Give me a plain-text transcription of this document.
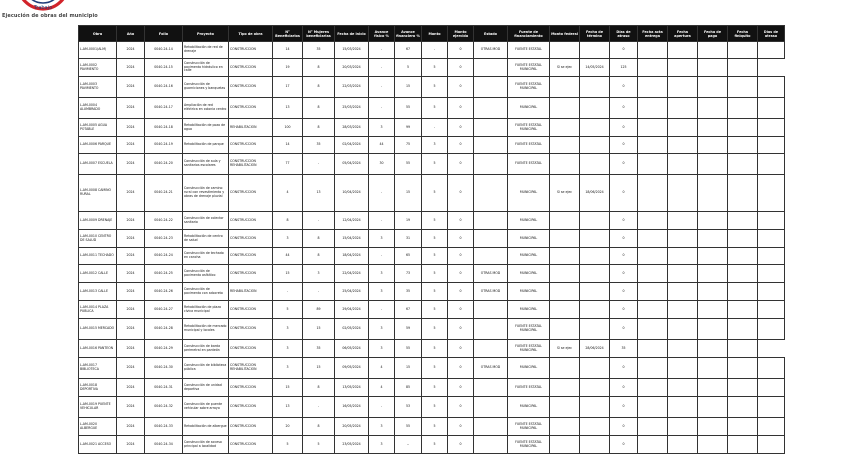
Trabajo
Ejecución de obras del municipio
Obra	Año	Folio	Proyecto	Tipo de obra	N° Beneficiarios	N° Mujeres beneficiarias	Fecha de inicio	Avance físico %	Avance financiero %	Monto	Monto ejercido	Estado	Fuente de financiamiento	Monto federal	Fecha de término	Días de atraso	Fecha acta entrega	Fecha apertura	Fecha de pago	Fecha finiquito	Días de atraso
L-AM-0001(ALM)	2024	0040-24-14	Rehabilitación de red de drenaje	CONSTRUCCION	14	35	15/03/2024	-	67	-	0	OTRAS MOD	FUENTE ESTATAL			0					
L-AM-0002 PAVIMENTO	2024	0040-24-15	Construcción de pavimento hidráulico en calle	CONSTRUCCION	19	8	20/03/2024	-	5	5	0		FUENTE ESTATAL MUNICIPAL	Sí se ejec	14/05/2024	125					
L-AM-0003 PAVIMENTO	2024	0040-24-16	Construcción de guarniciones y banquetas	CONSTRUCCION	17	8	22/03/2024	-	15	5	0		FUENTE ESTATAL MUNICIPAL			0					
L-AM-0004 ALUMBRADO	2024	0040-24-17	Ampliación de red eléctrica en colonia centro	CONSTRUCCION	13	8	25/03/2024	-	55	5	0		MUNICIPAL			0					
L-AM-0005 AGUA POTABLE	2024	0040-24-18	Rehabilitación de pozo de agua	REHABILITACION	100	8	28/03/2024	3	99	-	0		FUENTE ESTATAL MUNICIPAL			0					
L-AM-0006 PARQUE	2024	0040-24-19	Rehabilitación de parque	CONSTRUCCION	14	35	02/04/2024	44	75	3	0		FUENTE ESTATAL			0					
L-AM-0007 ESCUELA	2024	0040-24-20	Construcción de aula y sanitarios escolares	CONSTRUCCION REHABILITACION	77	-	05/04/2024	30	55	5	0		FUENTE ESTATAL			0					
L-AM-0008 CAMINO RURAL	2024	0040-24-21	Construcción de camino rural con revestimiento y obras de drenaje pluvial	CONSTRUCCION	4	13	10/04/2024	-	15	5	0		MUNICIPAL	Sí se ejec	18/06/2024	0					
L-AM-0009 DRENAJE	2024	0040-24-22	Construcción de colector sanitario	CONSTRUCCION	8	-	12/04/2024	-	19	5	0		MUNICIPAL			0					
L-AM-0010 CENTRO DE SALUD	2024	0040-24-23	Rehabilitación de centro de salud	CONSTRUCCION	3	8	15/04/2024	3	31	5	0		MUNICIPAL			0					
L-AM-0011 TECHADO	2024	0040-24-24	Construcción de techado en cancha	CONSTRUCCION	44	8	18/04/2024	-	65	5	0		MUNICIPAL			0					
L-AM-0012 CALLE	2024	0040-24-25	Construcción de pavimento asfáltico	CONSTRUCCION	15	3	22/04/2024	3	73	5	0	OTRAS MOD	MUNICIPAL			0					
L-AM-0013 CALLE	2024	0040-24-26	Construcción de pavimento con adocreto	REHABILITACION	-	-	25/04/2024	3	35	5	0	OTRAS MOD	MUNICIPAL			0					
L-AM-0014 PLAZA PUBLICA	2024	0040-24-27	Rehabilitación de plaza cívica municipal	CONSTRUCCION	5	89	29/04/2024	-	67	5	0		MUNICIPAL			0					
L-AM-0015 MERCADO	2024	0040-24-28	Rehabilitación de mercado municipal y locales	CONSTRUCCION	3	15	02/05/2024	3	59	5	0		FUENTE ESTATAL MUNICIPAL			0					
L-AM-0016 PANTEON	2024	0040-24-29	Construcción de barda perimetral en panteón	CONSTRUCCION	3	35	06/05/2024	3	55	5	0		FUENTE ESTATAL MUNICIPAL	Sí se ejec	28/06/2024	35					
L-AM-0017 BIBLIOTECA	2024	0040-24-30	Construcción de biblioteca pública	CONSTRUCCION REHABILITACION	3	15	09/05/2024	4	15	5	0	OTRAS MOD	MUNICIPAL			0					
L-AM-0018 DEPORTIVA	2024	0040-24-31	Construcción de unidad deportiva	CONSTRUCCION	15	8	13/05/2024	4	85	5	0		FUENTE ESTATAL			0					
L-AM-0019 PUENTE VEHICULAR	2024	0040-24-32	Construcción de puente vehicular sobre arroyo	CONSTRUCCION	13	-	16/05/2024	-	53	5	0		MUNICIPAL			0					
L-AM-0020 ALBERGUE	2024	0040-24-33	Rehabilitación de albergue	CONSTRUCCION	20	8	20/05/2024	3	55	5	0		FUENTE ESTATAL MUNICIPAL			0					
L-AM-0021 ACCESO	2024	0040-24-34	Construcción de acceso principal a localidad	CONSTRUCCION	5	5	23/05/2024	3	--	5	0		FUENTE ESTATAL MUNICIPAL			0					
